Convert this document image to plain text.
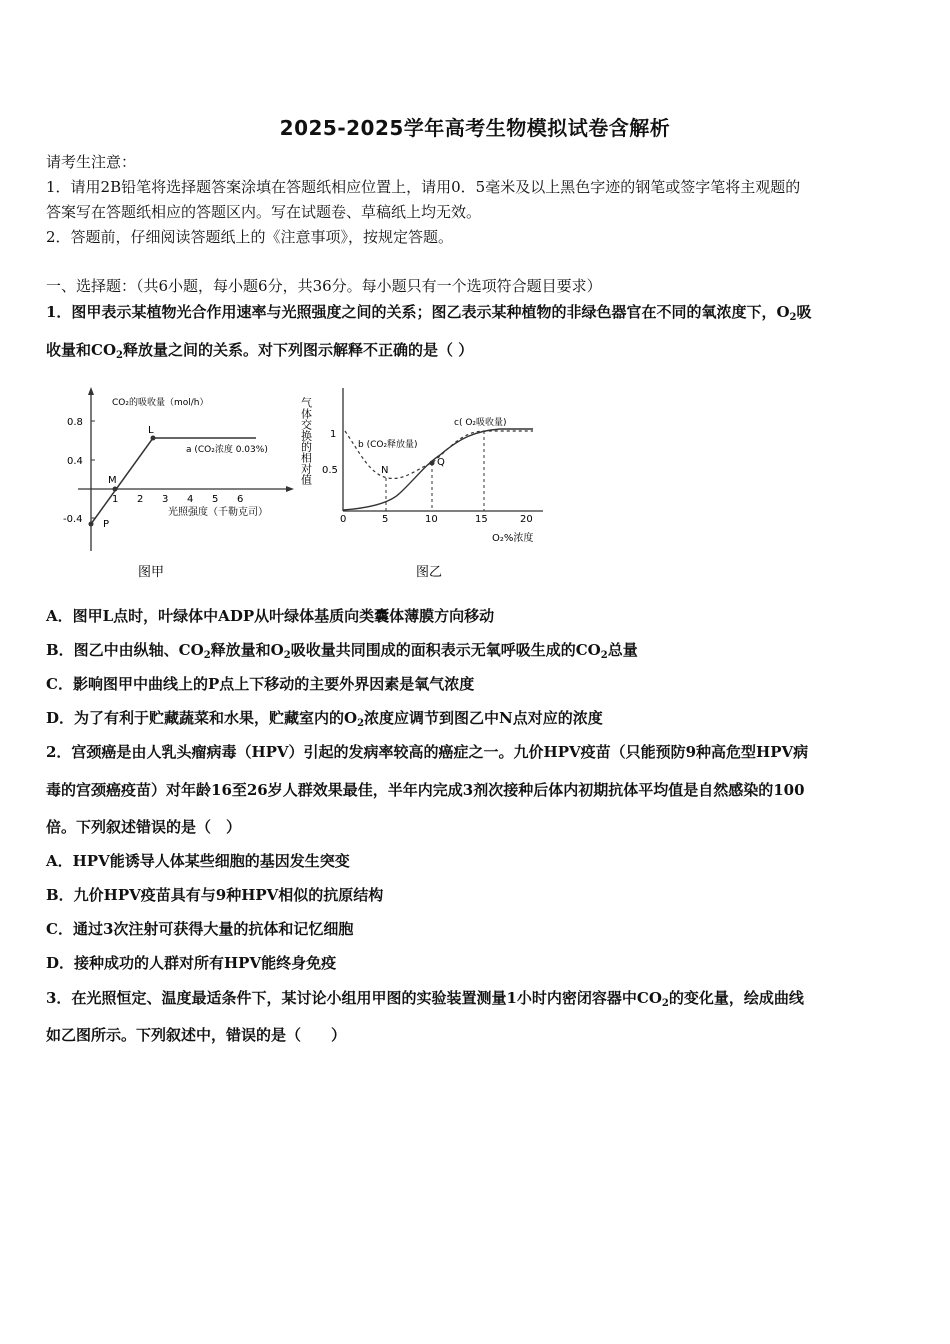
2025-2025学年高考生物模拟试卷含解析
请考生注意：
1．请用2B铅笔将选择题答案涂填在答题纸相应位置上，请用0．5毫米及以上黑色字迹的钢笔或签字笔将主观题的
答案写在答题纸相应的答题区内。写在试题卷、草稿纸上均无效。
2．答题前，仔细阅读答题纸上的《注意事项》，按规定答题。
一、选择题：（共6小题，每小题6分，共36分。每小题只有一个选项符合题目要求）
1．图甲表示某植物光合作用速率与光照强度之间的关系；图乙表示某种植物的非绿色器官在不同的氧浓度下，$O_2$吸
收量和$CO_2$释放量之间的关系。对下列图示解释不正确的是（ ）
0.8
0.4
-0.4
CO₂的吸收量（mol/h）
1 2 3 4 5 6
光照强度（千勒克司）
P
M
L
a (CO₂浓度 0.03%)
图甲
气体交换的相对值 1
0.5
0	5	10	15	20
O₂%浓度
N
Q
b (CO₂释放量)
c( O₂吸收量)
图乙
A．图甲L点时，叶绿体中ADP从叶绿体基质向类囊体薄膜方向移动
B．图乙中由纵轴、$CO_2$释放量和$O_2$吸收量共同围成的面积表示无氧呼吸生成的$CO_2$总量
C．影响图甲中曲线上的P点上下移动的主要外界因素是氧气浓度
D．为了有利于贮藏蔬菜和水果，贮藏室内的$O_2$浓度应调节到图乙中N点对应的浓度
2．宫颈癌是由人乳头瘤病毒（HPV）引起的发病率较高的癌症之一。九价HPV疫苗（只能预防9种高危型HPV病
毒的宫颈癌疫苗）对年龄16至26岁人群效果最佳，半年内完成3剂次接种后体内初期抗体平均值是自然感染的100
倍。下列叙述错误的是（　）
A．HPV能诱导人体某些细胞的基因发生突变
B．九价HPV疫苗具有与9种HPV相似的抗原结构
C．通过3次注射可获得大量的抗体和记忆细胞
D．接种成功的人群对所有HPV能终身免疫
3．在光照恒定、温度最适条件下，某讨论小组用甲图的实验装置测量1小时内密闭容器中$CO_2$的变化量，绘成曲线
如乙图所示。下列叙述中，错误的是（　　）
